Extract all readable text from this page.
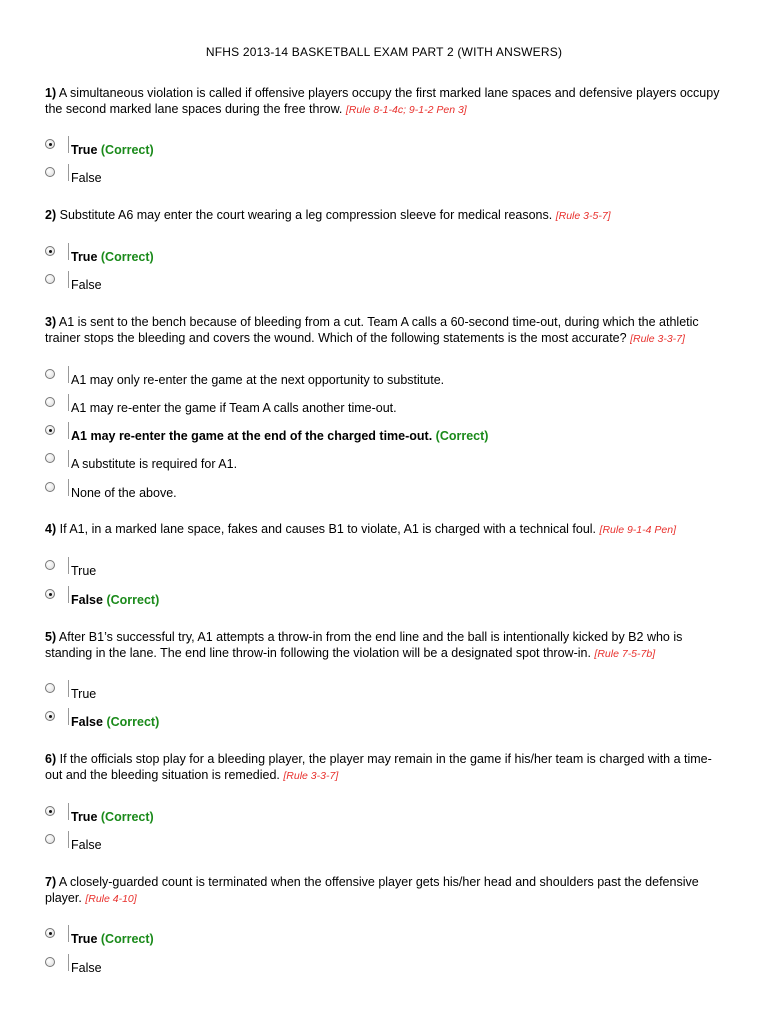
NFHS 2013-14 BASKETBALL EXAM PART 2 (WITH ANSWERS)
1) A simultaneous violation is called if offensive players occupy the first marked lane spaces and defensive players occupy the second marked lane spaces during the free throw. [Rule 8-1-4c; 9-1-2 Pen 3]
True (Correct)
False
2) Substitute A6 may enter the court wearing a leg compression sleeve for medical reasons. [Rule 3-5-7]
True (Correct)
False
3) A1 is sent to the bench because of bleeding from a cut. Team A calls a 60-second time-out, during which the athletic trainer stops the bleeding and covers the wound. Which of the following statements is the most accurate? [Rule 3-3-7]
A1 may only re-enter the game at the next opportunity to substitute.
A1 may re-enter the game if Team A calls another time-out.
A1 may re-enter the game at the end of the charged time-out. (Correct)
A substitute is required for A1.
None of the above.
4) If A1, in a marked lane space, fakes and causes B1 to violate, A1 is charged with a technical foul. [Rule 9-1-4 Pen]
True
False (Correct)
5) After B1’s successful try, A1 attempts a throw-in from the end line and the ball is intentionally kicked by B2 who is standing in the lane. The end line throw-in following the violation will be a designated spot throw-in. [Rule 7-5-7b]
True
False (Correct)
6) If the officials stop play for a bleeding player, the player may remain in the game if his/her team is charged with a time-out and the bleeding situation is remedied. [Rule 3-3-7]
True (Correct)
False
7) A closely-guarded count is terminated when the offensive player gets his/her head and shoulders past the defensive player. [Rule 4-10]
True (Correct)
False
